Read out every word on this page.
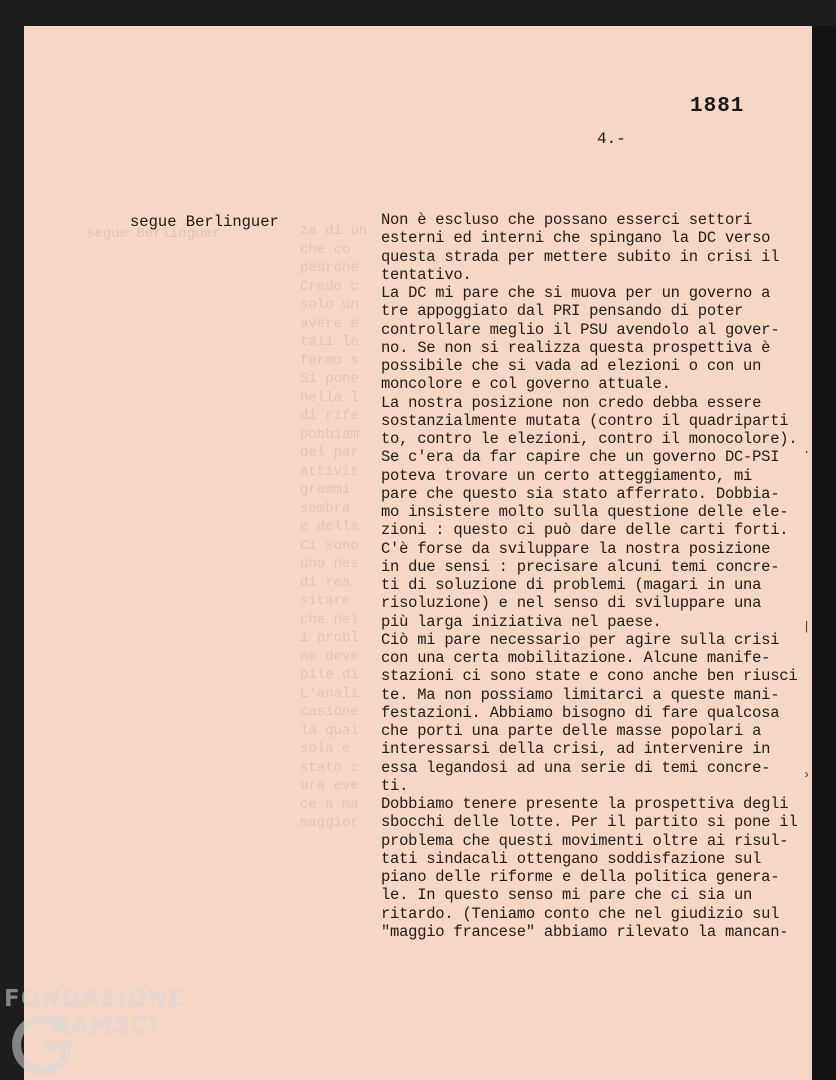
1881
4.-
segue Berlinguer	Non è escluso che possano esserci settori
esterni ed interni che spingano la DC verso
questa strada per mettere subito in crisi il
tentativo.
La DC mi pare che si muova per un governo a
tre appoggiato dal PRI pensando di poter
controllare meglio il PSU avendolo al gover-
no. Se non si realizza questa prospettiva è
possibile che si vada ad elezioni o con un
moncolore e col governo attuale.
La nostra posizione non credo debba essere
sostanzialmente mutata (contro il quadriparti
to, contro le elezioni, contro il monocolore).
Se c'era da far capire che un governo DC-PSI
poteva trovare un certo atteggiamento, mi
pare che questo sia stato afferrato. Dobbia-
mo insistere molto sulla questione delle ele-
zioni : questo ci può dare delle carti forti.
C'è forse da sviluppare la nostra posizione
in due sensi : precisare alcuni temi concre-
ti di soluzione di problemi (magari in una
risoluzione) e nel senso di sviluppare una
più larga iniziativa nel paese.
Ciò mi pare necessario per agire sulla crisi
con una certa mobilitazione. Alcune manife-
stazioni ci sono state e cono anche ben riusci
te. Ma non possiamo limitarci a queste mani-
festazioni. Abbiamo bisogno di fare qualcosa
che porti una parte delle masse popolari a
interessarsi della crisi, ad intervenire in
essa legandosi ad una serie di temi concre-
ti.
Dobbiamo tenere presente la prospettiva degli
sbocchi delle lotte. Per il partito si pone il
problema che questi movimenti oltre ai risul-
tati sindacali ottengano soddisfazione sul
piano delle riforme e della politica genera-
le. In questo senso mi pare che ci sia un
ritardo. (Teniamo conto che nel giudizio sul
"maggio francese" abbiamo rilevato la mancan-
.
|
›
FONDAZIONE
RAMSCI
